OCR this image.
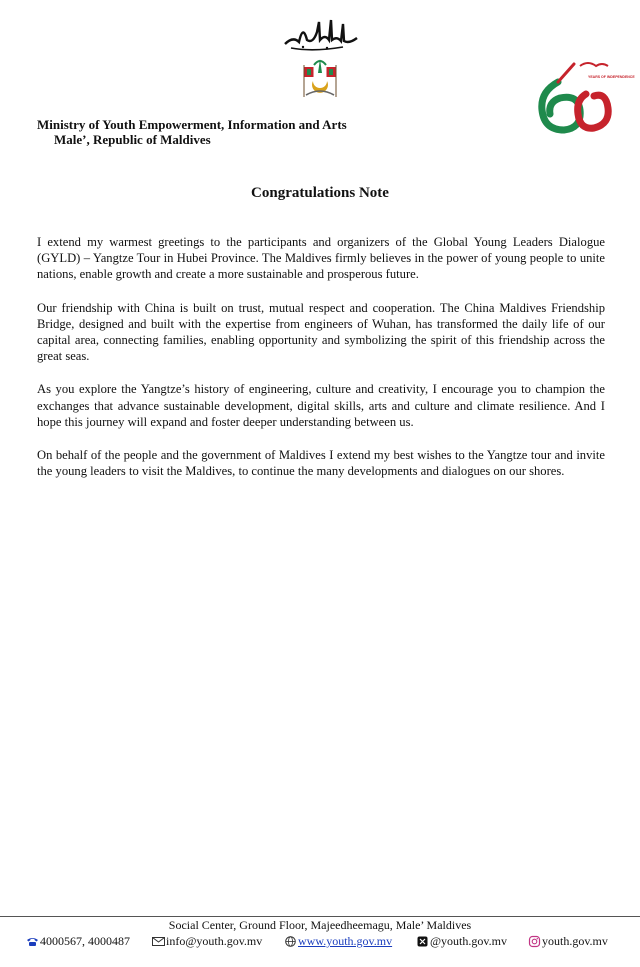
YEARS OF INDEPENDENCE
Ministry of Youth Empowerment, Information and Arts
Male’, Republic of Maldives
Congratulations Note

I extend my warmest greetings to the participants and organizers of the Global Young Leaders Dialogue (GYLD) – Yangtze Tour in Hubei Province. The Maldives firmly believes in the power of young people to unite nations, enable growth and create a more sustainable and prosperous future.

Our friendship with China is built on trust, mutual respect and cooperation. The China Maldives Friendship Bridge, designed and built with the expertise from engineers of Wuhan, has transformed the daily life of our capital area, connecting families, enabling opportunity and symbolizing the spirit of this friendship across the great seas.

As you explore the Yangtze’s history of engineering, culture and creativity, I encourage you to champion the exchanges that advance sustainable development, digital skills, arts and culture and climate resilience. And I hope this journey will expand and foster deeper understanding between us.

On behalf of the people and the government of Maldives I extend my best wishes to the Yangtze tour and invite the young leaders to visit the Maldives, to continue the many developments and dialogues on our shores.

Social Center, Ground Floor, Majeedheemagu, Male’ Maldives
4000567, 4000487	info@youth.gov.mv	www.youth.gov.mv	@youth.gov.mv	youth.gov.mv
